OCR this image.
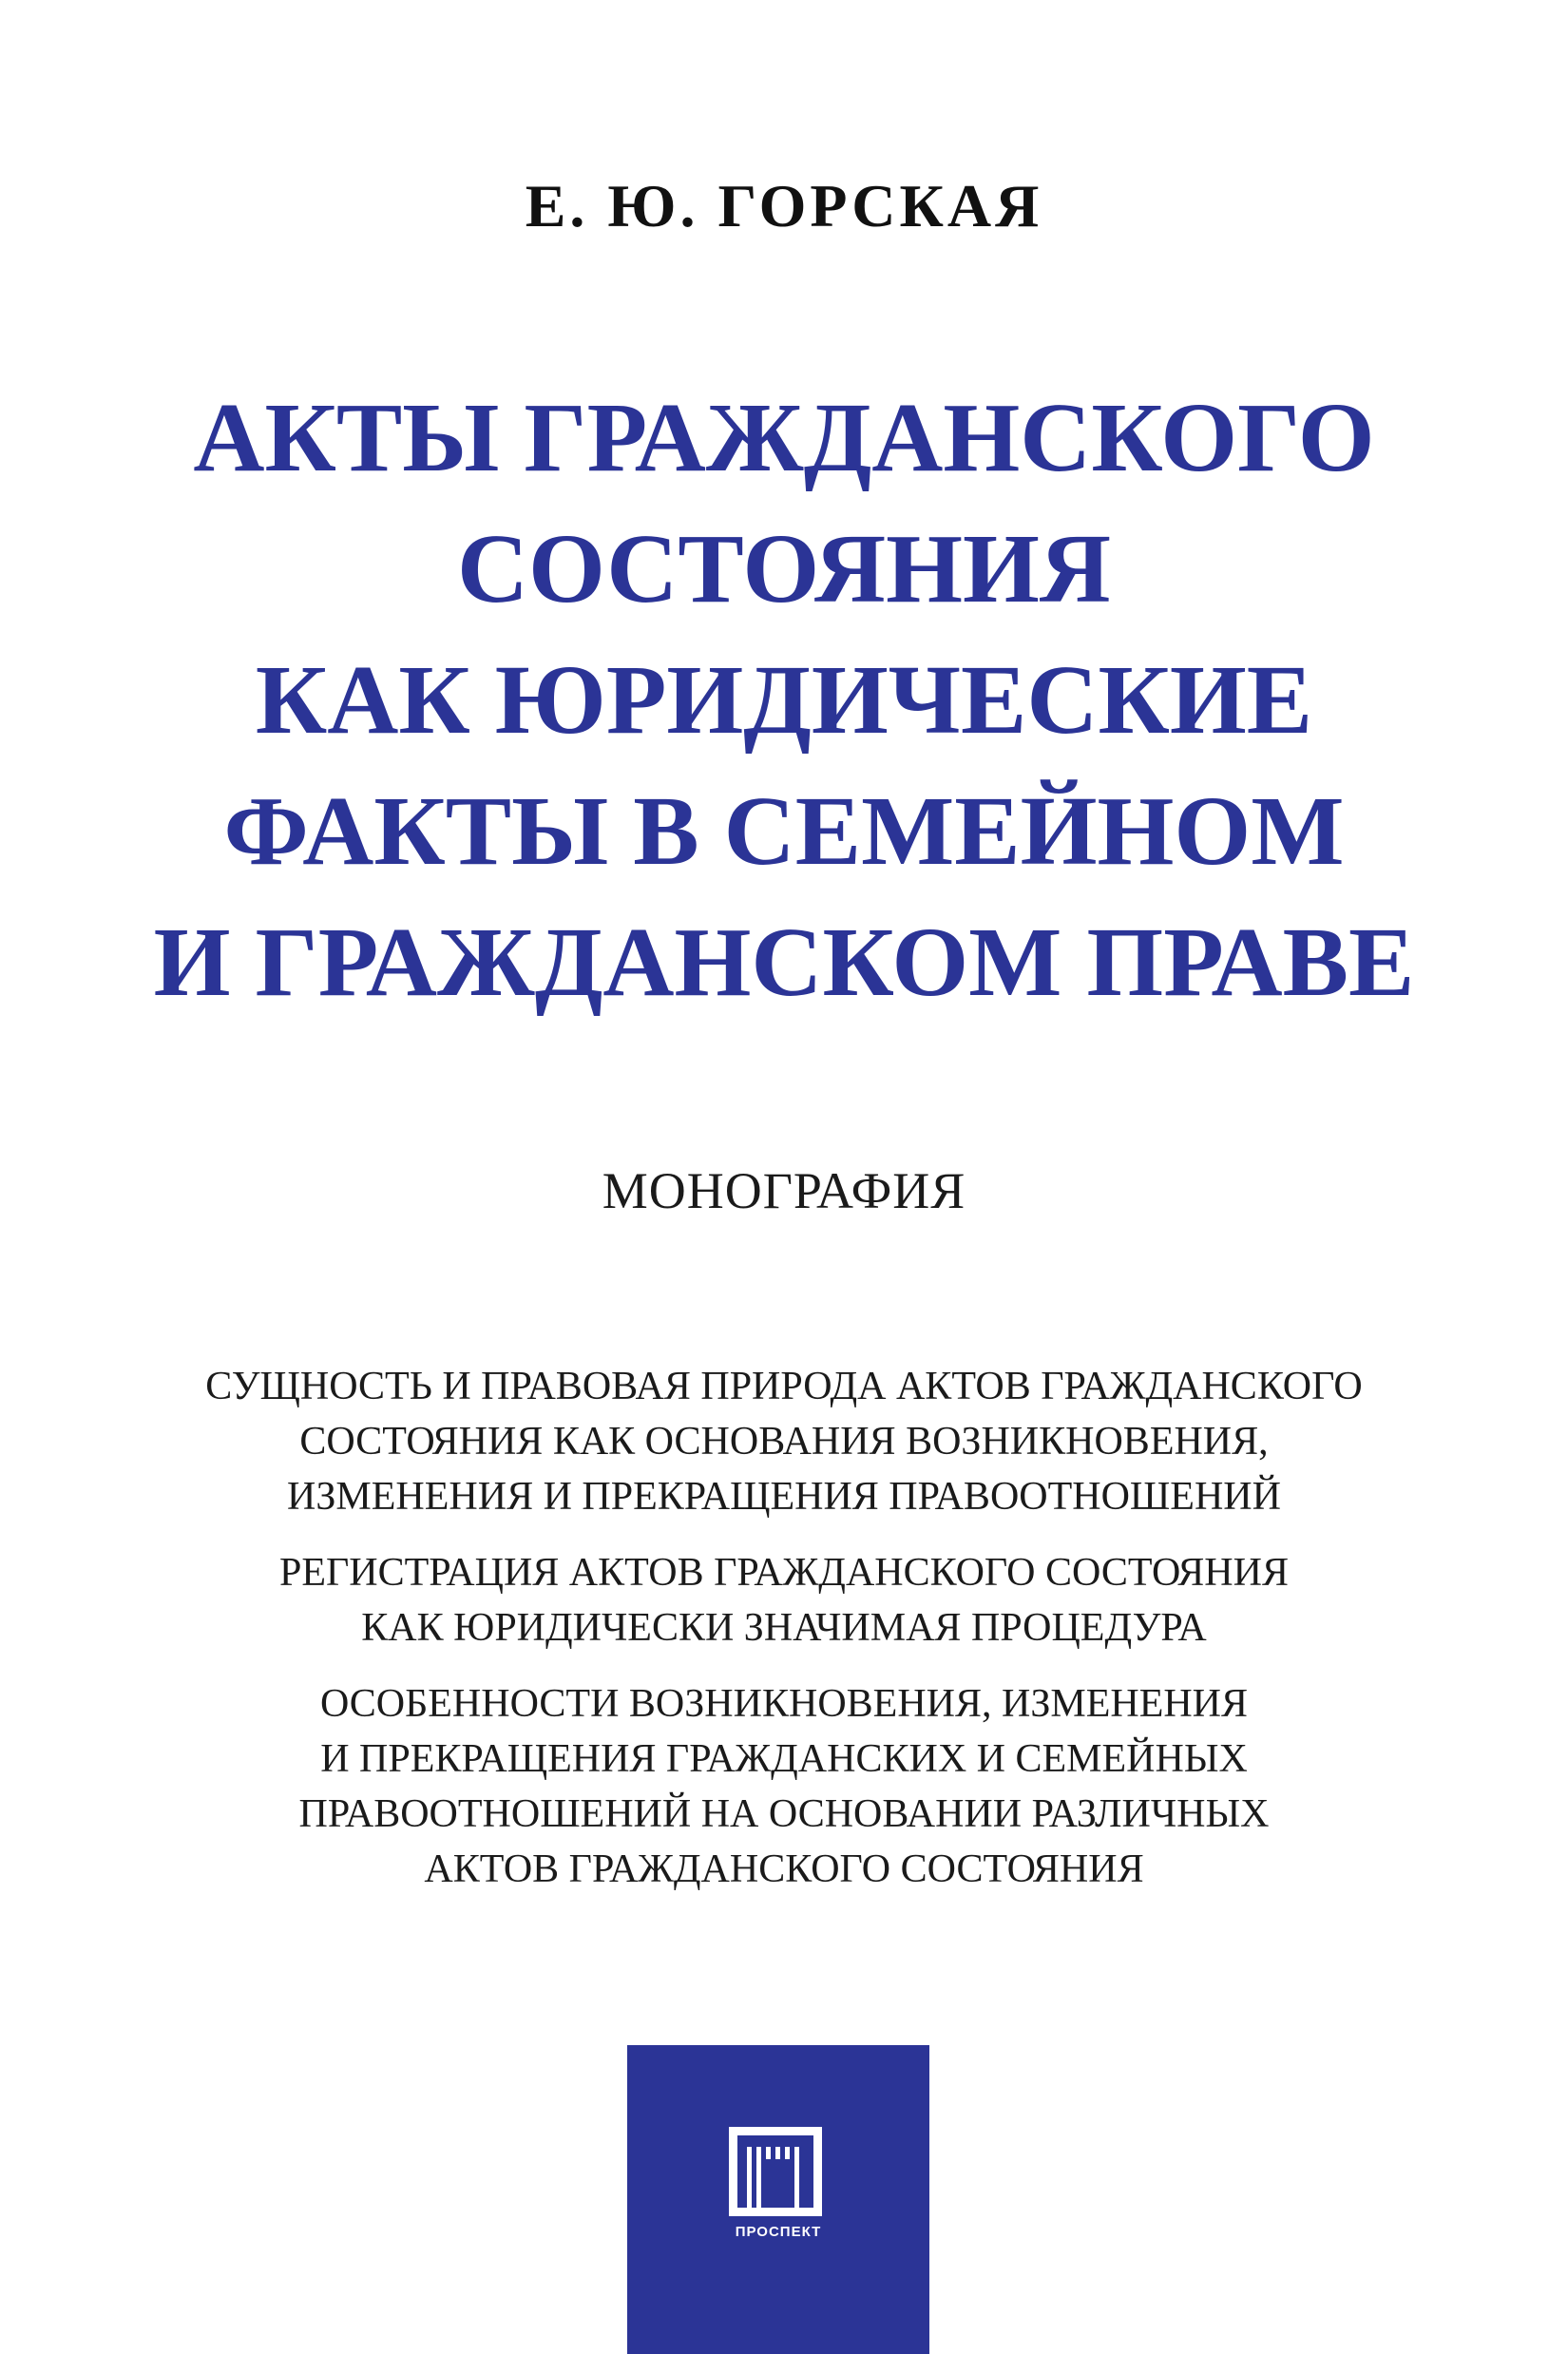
Е. Ю. ГОРСКАЯ
АКТЫ ГРАЖДАНСКОГО
СОСТОЯНИЯ
КАК ЮРИДИЧЕСКИЕ
ФАКТЫ В СЕМЕЙНОМ
И ГРАЖДАНСКОМ ПРАВЕ
МОНОГРАФИЯ
СУЩНОСТЬ И ПРАВОВАЯ ПРИРОДА АКТОВ ГРАЖДАНСКОГО
СОСТОЯНИЯ КАК ОСНОВАНИЯ ВОЗНИКНОВЕНИЯ,
ИЗМЕНЕНИЯ И ПРЕКРАЩЕНИЯ ПРАВООТНОШЕНИЙ
РЕГИСТРАЦИЯ АКТОВ ГРАЖДАНСКОГО СОСТОЯНИЯ
КАК ЮРИДИЧЕСКИ ЗНАЧИМАЯ ПРОЦЕДУРА
ОСОБЕННОСТИ ВОЗНИКНОВЕНИЯ, ИЗМЕНЕНИЯ
И ПРЕКРАЩЕНИЯ ГРАЖДАНСКИХ И СЕМЕЙНЫХ
ПРАВООТНОШЕНИЙ НА ОСНОВАНИИ РАЗЛИЧНЫХ
АКТОВ ГРАЖДАНСКОГО СОСТОЯНИЯ
ПРОСПЕКТ
